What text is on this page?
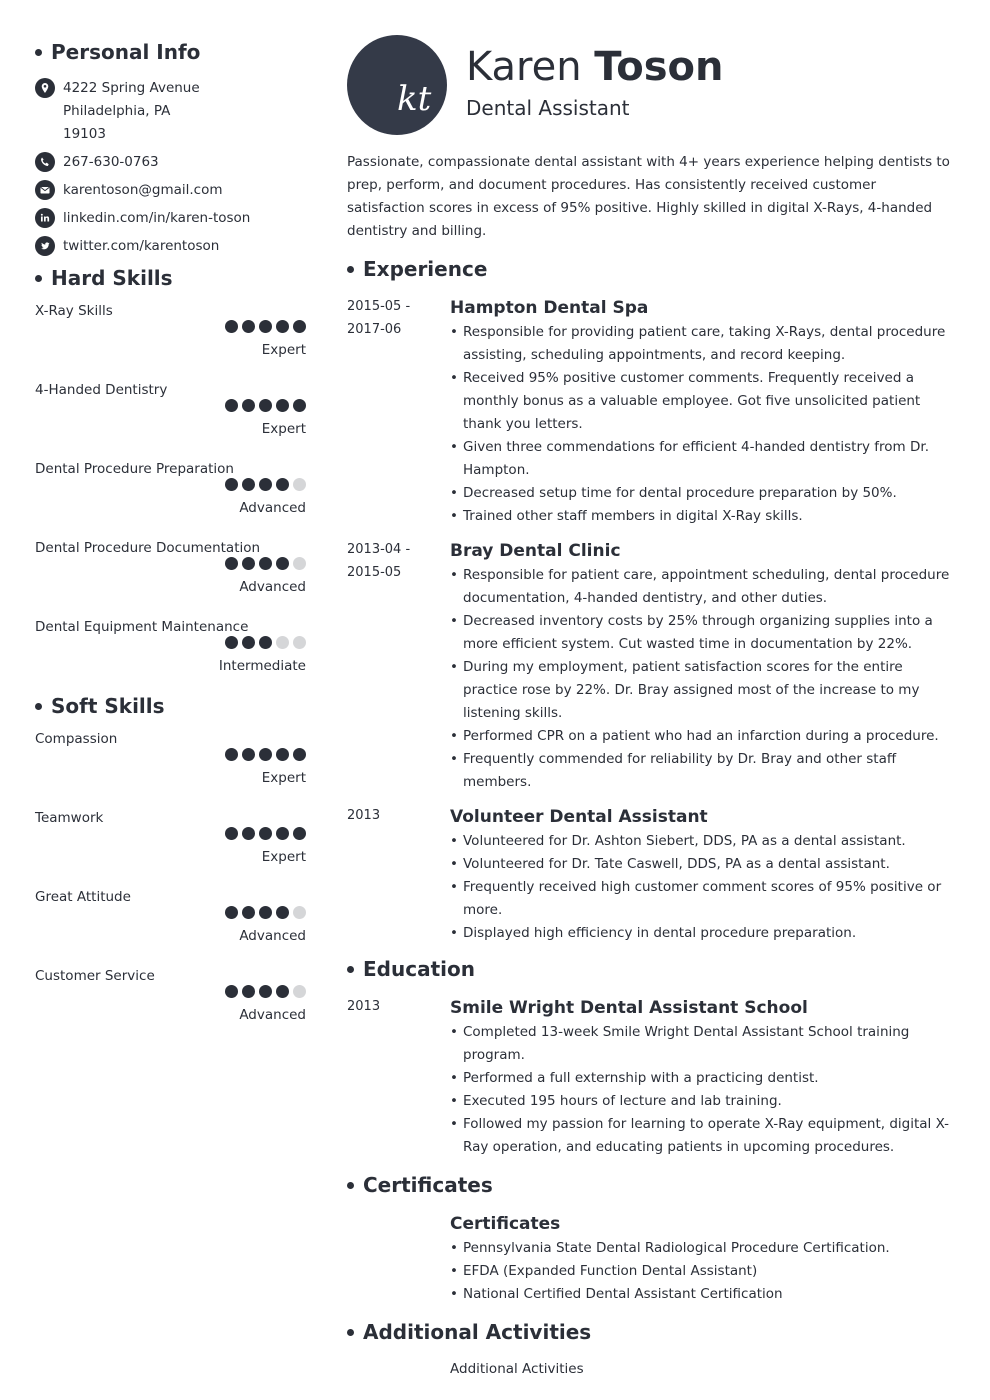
Personal Info
4222 Spring Avenue
Philadelphia, PA
19103
267-630-0763
karentoson@gmail.com
linkedin.com/in/karen-toson
twitter.com/karentoson
Hard Skills
X-Ray Skills
Expert
4-Handed Dentistry
Expert
Dental Procedure Preparation
Advanced
Dental Procedure Documentation
Advanced
Dental Equipment Maintenance
Intermediate
Soft Skills
Compassion
Expert
Teamwork
Expert
Great Attitude
Advanced
Customer Service
Advanced
kt
Karen Toson
Dental Assistant

Passionate, compassionate dental assistant with 4+ years experience helping dentists to prep, perform, and document procedures. Has consistently received customer satisfaction scores in excess of 95% positive. Highly skilled in digital X-Rays, 4-handed dentistry and billing.

Experience
2015-05 -
2017-06
Hampton Dental Spa
• Responsible for providing patient care, taking X-Rays, dental procedure assisting, scheduling appointments, and record keeping.
• Received 95% positive customer comments. Frequently received a monthly bonus as a valuable employee. Got five unsolicited patient thank you letters.
• Given three commendations for efficient 4-handed dentistry from Dr. Hampton.
• Decreased setup time for dental procedure preparation by 50%.
• Trained other staff members in digital X-Ray skills.
2013-04 -
2015-05
Bray Dental Clinic
• Responsible for patient care, appointment scheduling, dental procedure documentation, 4-handed dentistry, and other duties.
• Decreased inventory costs by 25% through organizing supplies into a more efficient system. Cut wasted time in documentation by 22%.
• During my employment, patient satisfaction scores for the entire practice rose by 22%. Dr. Bray assigned most of the increase to my listening skills.
• Performed CPR on a patient who had an infarction during a procedure.
• Frequently commended for reliability by Dr. Bray and other staff members.
2013	Volunteer Dental Assistant
• Volunteered for Dr. Ashton Siebert, DDS, PA as a dental assistant.
• Volunteered for Dr. Tate Caswell, DDS, PA as a dental assistant.
• Frequently received high customer comment scores of 95% positive or more.
• Displayed high efficiency in dental procedure preparation.
Education
2013	Smile Wright Dental Assistant School
• Completed 13-week Smile Wright Dental Assistant School training program.
• Performed a full externship with a practicing dentist.
• Executed 195 hours of lecture and lab training.
• Followed my passion for learning to operate X-Ray equipment, digital X-Ray operation, and educating patients in upcoming procedures.
Certificates
Certificates
• Pennsylvania State Dental Radiological Procedure Certification.
• EFDA (Expanded Function Dental Assistant)
• National Certified Dental Assistant Certification
Additional Activities
Additional Activities
